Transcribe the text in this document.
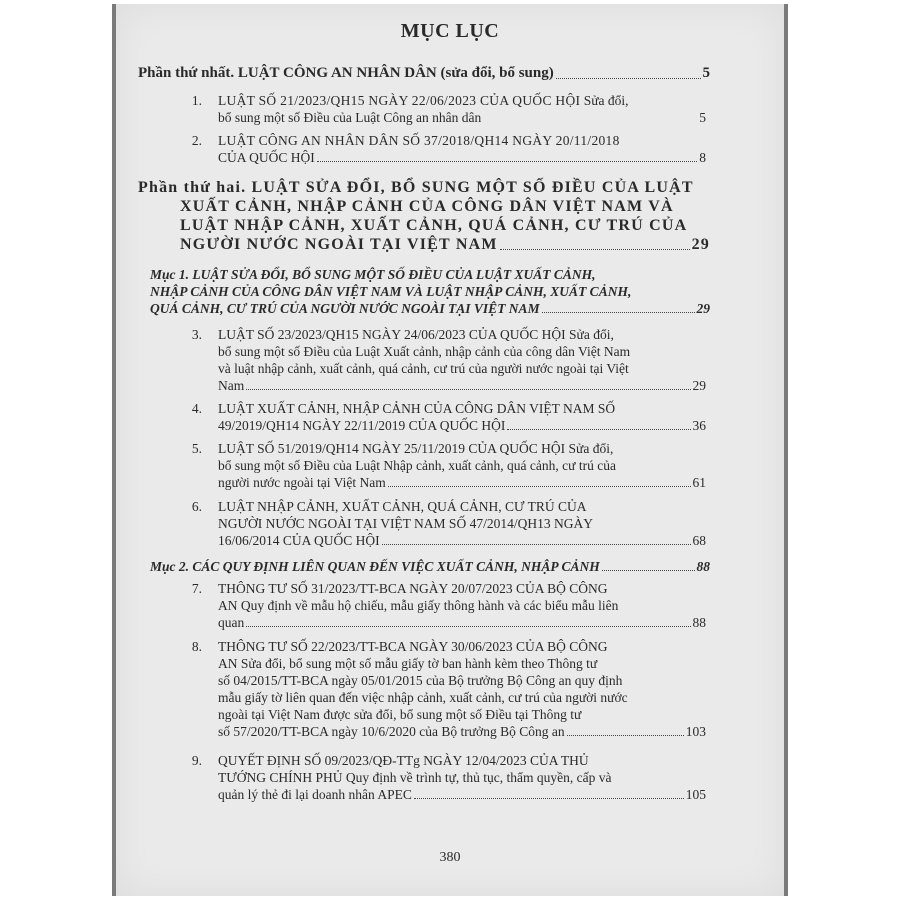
MỤC LỤC
Phần thứ nhất. LUẬT CÔNG AN NHÂN DÂN (sửa đổi, bổ sung)	5
1. LUẬT SỐ 21/2023/QH15 NGÀY 22/06/2023 CỦA QUỐC HỘI Sửa đổi,
bổ sung một số Điều của Luật Công an nhân dân	5
2. LUẬT CÔNG AN NHÂN DÂN SỐ 37/2018/QH14 NGÀY 20/11/2018
CỦA QUỐC HỘI	8
Phần thứ hai. LUẬT SỬA ĐỔI, BỔ SUNG MỘT SỐ ĐIỀU CỦA LUẬT
XUẤT CẢNH, NHẬP CẢNH CỦA CÔNG DÂN VIỆT NAM VÀ
LUẬT NHẬP CẢNH, XUẤT CẢNH, QUÁ CẢNH, CƯ TRÚ CỦA
NGƯỜI NƯỚC NGOÀI TẠI VIỆT NAM	29
Mục 1. LUẬT SỬA ĐỔI, BỔ SUNG MỘT SỐ ĐIỀU CỦA LUẬT XUẤT CẢNH,
NHẬP CẢNH CỦA CÔNG DÂN VIỆT NAM VÀ LUẬT NHẬP CẢNH, XUẤT CẢNH,
QUÁ CẢNH, CƯ TRÚ CỦA NGƯỜI NƯỚC NGOÀI TẠI VIỆT NAM	29
3. LUẬT SỐ 23/2023/QH15 NGÀY 24/06/2023 CỦA QUỐC HỘI Sửa đổi,
bổ sung một số Điều của Luật Xuất cảnh, nhập cảnh của công dân Việt Nam
và luật nhập cảnh, xuất cảnh, quá cảnh, cư trú của người nước ngoài tại Việt
Nam	29
4. LUẬT XUẤT CẢNH, NHẬP CẢNH CỦA CÔNG DÂN VIỆT NAM SỐ
49/2019/QH14 NGÀY 22/11/2019 CỦA QUỐC HỘI	36
5. LUẬT SỐ 51/2019/QH14 NGÀY 25/11/2019 CỦA QUỐC HỘI Sửa đổi,
bổ sung một số Điều của Luật Nhập cảnh, xuất cảnh, quá cảnh, cư trú của
người nước ngoài tại Việt Nam	61
6. LUẬT NHẬP CẢNH, XUẤT CẢNH, QUÁ CẢNH, CƯ TRÚ CỦA
NGƯỜI NƯỚC NGOÀI TẠI VIỆT NAM SỐ 47/2014/QH13 NGÀY
16/06/2014 CỦA QUỐC HỘI	68
Mục 2. CÁC QUY ĐỊNH LIÊN QUAN ĐẾN VIỆC XUẤT CẢNH, NHẬP CẢNH	88
7. THÔNG TƯ SỐ 31/2023/TT-BCA NGÀY 20/07/2023 CỦA BỘ CÔNG
AN Quy định về mẫu hộ chiếu, mẫu giấy thông hành và các biểu mẫu liên
quan	88
8. THÔNG TƯ SỐ 22/2023/TT-BCA NGÀY 30/06/2023 CỦA BỘ CÔNG
AN Sửa đổi, bổ sung một số mẫu giấy tờ ban hành kèm theo Thông tư
số 04/2015/TT-BCA ngày 05/01/2015 của Bộ trưởng Bộ Công an quy định
mẫu giấy tờ liên quan đến việc nhập cảnh, xuất cảnh, cư trú của người nước
ngoài tại Việt Nam được sửa đổi, bổ sung một số Điều tại Thông tư
số 57/2020/TT-BCA ngày 10/6/2020 của Bộ trưởng Bộ Công an	103
9. QUYẾT ĐỊNH SỐ 09/2023/QĐ-TTg NGÀY 12/04/2023 CỦA THỦ
TƯỚNG CHÍNH PHỦ Quy định về trình tự, thủ tục, thẩm quyền, cấp và
quản lý thẻ đi lại doanh nhân APEC	105
380
